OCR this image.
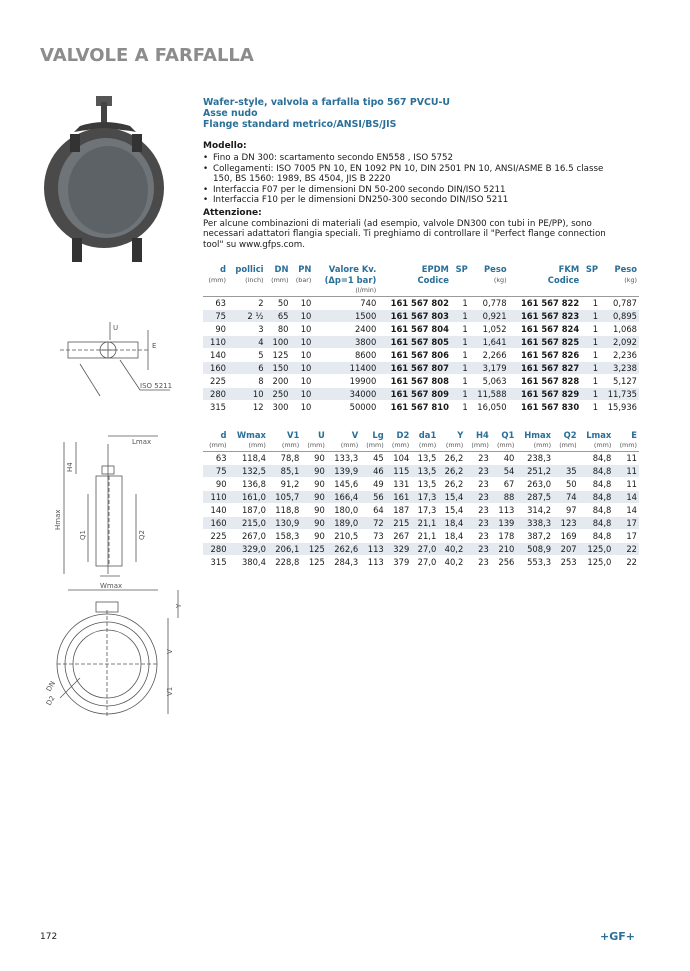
VALVOLE A FARFALLA
ISO 5211
E
U
Lmax
Hmax
H4
Q1	Q2
Wmax
Y
V
V1
DN
D2
Wafer-style, valvola a farfalla tipo 567 PVCU-U
Asse nudo
Flange standard metrico/ANSI/BS/JIS
Modello:
• Fino a DN 300: scartamento secondo EN558 , ISO 5752
• Collegamenti: ISO 7005 PN 10, EN 1092 PN 10, DIN 2501 PN 10, ANSI/ASME B 16.5 classe 150, BS 1560: 1989, BS 4504, JIS B 2220
• Interfaccia F07 per le dimensioni DN 50-200 secondo DIN/ISO 5211
• Interfaccia F10 per le dimensioni DN250-300 secondo DIN/ISO 5211
Attenzione:
Per alcune combinazioni di materiali (ad esempio, valvole DN300 con tubi in PE/PP), sono necessari adattatori flangia speciali. Ti preghiamo di controllare il "Perfect flange connection tool" su www.gfps.com.
d	pollici	DN	PN	Valore Kv.	EPDM	SP	Peso	FKM	SP	Peso
(mm)	(inch)	(mm)	(bar)	(Δp=1 bar)	Codice		(kg)	Codice		(kg)
				(l/min)						
63	2	50	10	740	161 567 802	1	0,778	161 567 822	1	0,787
75	2 ½	65	10	1500	161 567 803	1	0,921	161 567 823	1	0,895
90	3	80	10	2400	161 567 804	1	1,052	161 567 824	1	1,068
110	4	100	10	3800	161 567 805	1	1,641	161 567 825	1	2,092
140	5	125	10	8600	161 567 806	1	2,266	161 567 826	1	2,236
160	6	150	10	11400	161 567 807	1	3,179	161 567 827	1	3,238
225	8	200	10	19900	161 567 808	1	5,063	161 567 828	1	5,127
280	10	250	10	34000	161 567 809	1	11,588	161 567 829	1	11,735
315	12	300	10	50000	161 567 810	1	16,050	161 567 830	1	15,936
d	Wmax	V1	U	V	Lg	D2	da1	Y	H4	Q1	Hmax	Q2	Lmax	E
(mm)	(mm)	(mm)	(mm)	(mm)	(mm)	(mm)	(mm)	(mm)	(mm)	(mm)	(mm)	(mm)	(mm)	(mm)
63	118,4	78,8	90	133,3	45	104	13,5	26,2	23	40	238,3		84,8	11
75	132,5	85,1	90	139,9	46	115	13,5	26,2	23	54	251,2	35	84,8	11
90	136,8	91,2	90	145,6	49	131	13,5	26,2	23	67	263,0	50	84,8	11
110	161,0	105,7	90	166,4	56	161	17,3	15,4	23	88	287,5	74	84,8	14
140	187,0	118,8	90	180,0	64	187	17,3	15,4	23	113	314,2	97	84,8	14
160	215,0	130,9	90	189,0	72	215	21,1	18,4	23	139	338,3	123	84,8	17
225	267,0	158,3	90	210,5	73	267	21,1	18,4	23	178	387,2	169	84,8	17
280	329,0	206,1	125	262,6	113	329	27,0	40,2	23	210	508,9	207	125,0	22
315	380,4	228,8	125	284,3	113	379	27,0	40,2	23	256	553,3	253	125,0	22
172	+GF+
